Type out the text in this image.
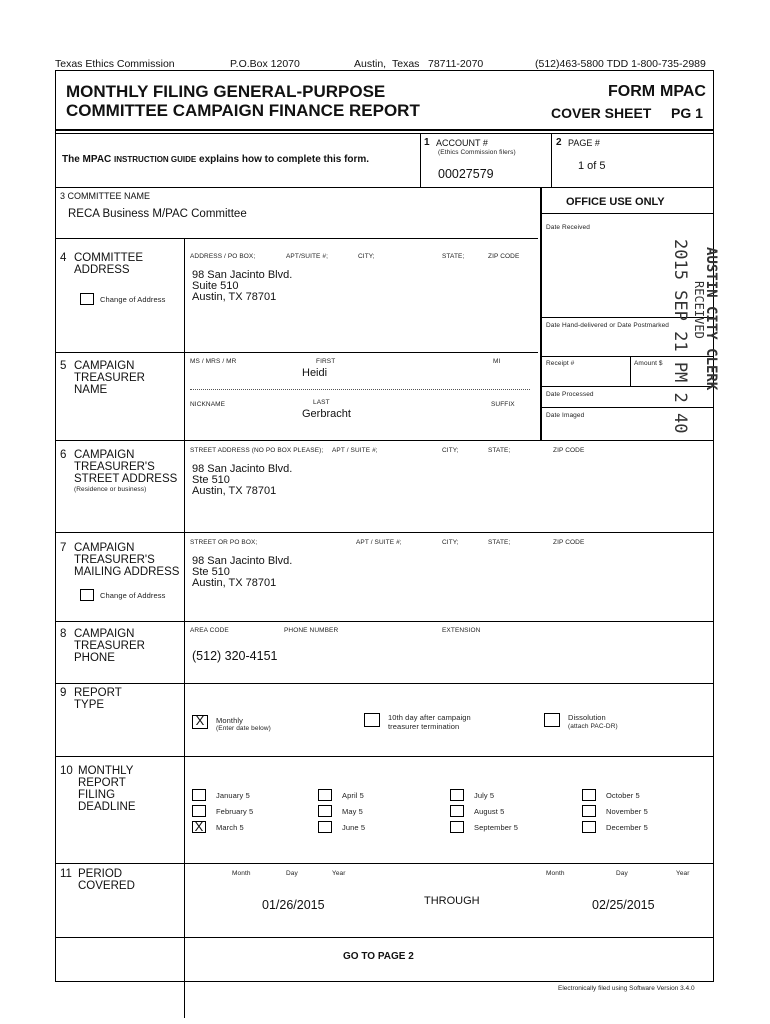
Texas Ethics Commission	P.O.Box 12070	Austin, Texas 78711-2070	(512)463-5800 TDD 1-800-735-2989
MONTHLY FILING GENERAL-PURPOSE
COMMITTEE CAMPAIGN FINANCE REPORT
FORM MPAC
COVER SHEET PG 1
The MPAC INSTRUCTION GUIDE explains how to complete this form.
1 ACCOUNT #
(Ethics Commission filers)
00027579
2 PAGE #
1 of 5
3 COMMITTEE NAME
RECA Business M/PAC Committee
OFFICE USE ONLY
Date Received
Date Hand-delivered or Date Postmarked
Receipt #	Amount $
Date Processed
Date Imaged	2015 SEP 21 PM 2 40 RECEIVED
AUSTIN CITY CLERK
4 COMMITTEE
ADDRESS
Change of Address
ADDRESS / PO BOX;	APT/SUITE #;	CITY;	STATE;	ZIP CODE
98 San Jacinto Blvd.
Suite 510
Austin, TX 78701
5 CAMPAIGN
TREASURER
NAME
MS / MRS / MR	FIRST	MI
Heidi
NICKNAME	LAST	SUFFIX
Gerbracht
6 CAMPAIGN
TREASURER'S
STREET ADDRESS
(Residence or business)
STREET ADDRESS (NO PO BOX PLEASE); APT / SUITE #;	CITY;	STATE;	ZIP CODE
98 San Jacinto Blvd.
Ste 510
Austin, TX 78701
7 CAMPAIGN
TREASURER'S
MAILING ADDRESS
Change of Address
STREET OR PO BOX;	APT / SUITE #;	CITY;	STATE;	ZIP CODE
98 San Jacinto Blvd.
Ste 510
Austin, TX 78701
8 CAMPAIGN
TREASURER
PHONE
AREA CODE	PHONE NUMBER	EXTENSION
(512) 320-4151
9 REPORT
TYPE
X	Monthly
(Enter date below)
10th day after campaign
treasurer termination
Dissolution
(attach PAC-DR)
10 MONTHLY
REPORT
FILING
DEADLINE
January 5
February 5
X	March 5
April 5
May 5
June 5
July 5
August 5
September 5
October 5
November 5
December 5
11 PERIOD
COVERED
Month	Day	Year
01/26/2015	THROUGH
Month	Day	Year
02/25/2015
GO TO PAGE 2
Electronically filed using Software Version 3.4.0
